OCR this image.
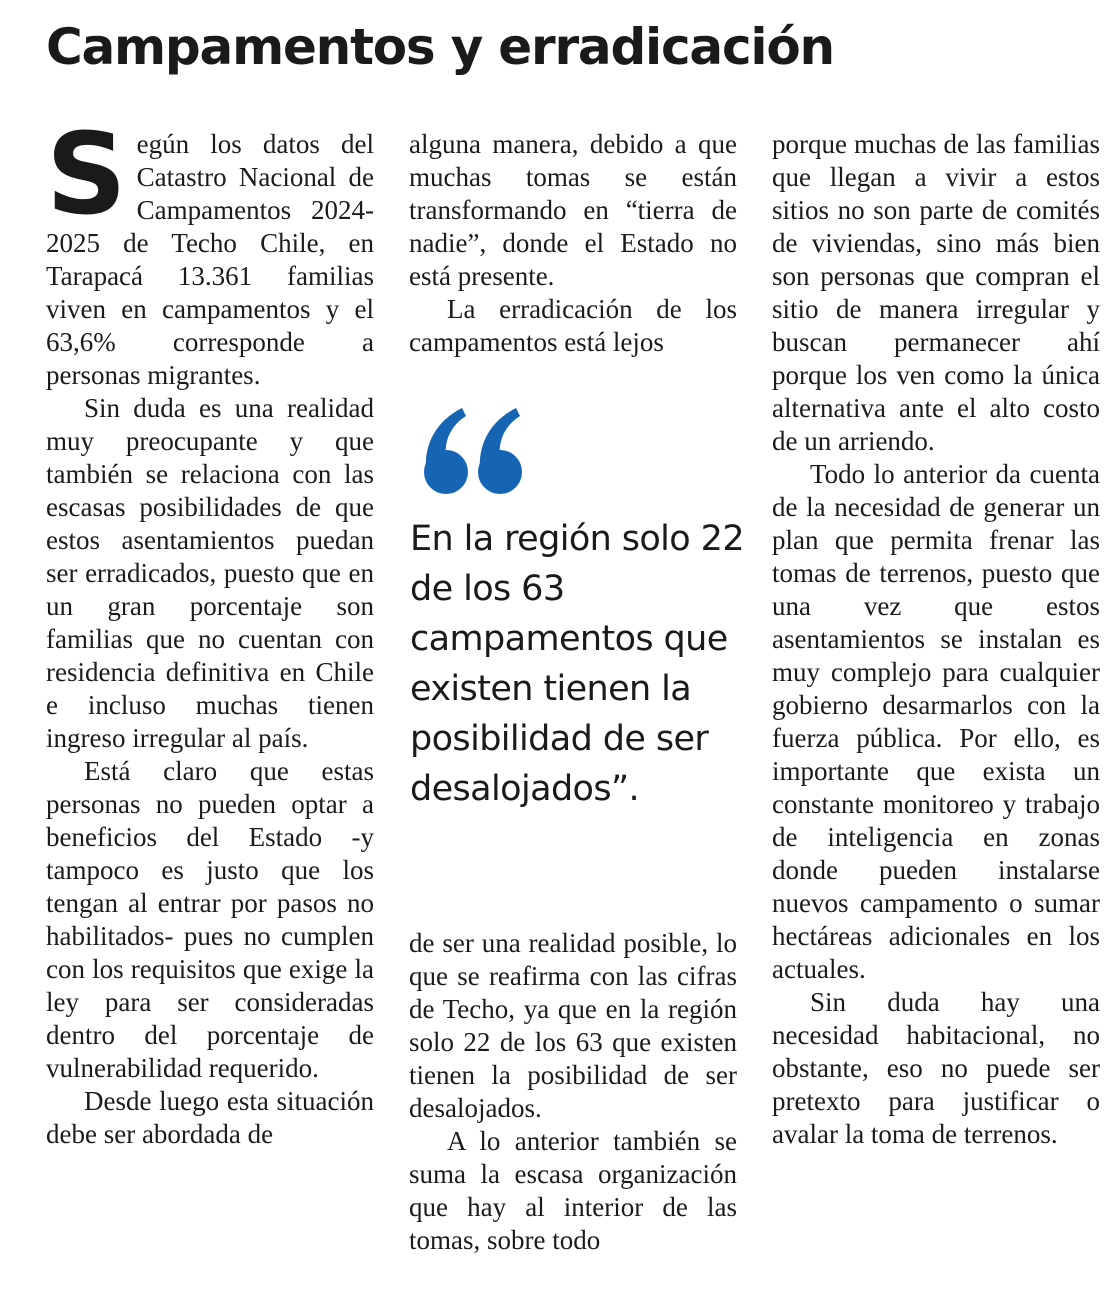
Campamentos y erradicación

Según los datos del Catastro Nacional de Campamentos 2024-2025 de Techo Chile, en Tarapacá 13.361 familias viven en campamentos y el 63,6% corresponde a personas migrantes.

Sin duda es una realidad muy preocupante y que también se relaciona con las escasas posibilidades de que estos asentamientos puedan ser erradicados, puesto que en un gran porcentaje son familias que no cuentan con residencia definitiva en Chile e incluso muchas tienen ingreso irregular al país.

Está claro que estas personas no pueden optar a beneficios del Estado -y tampoco es justo que los tengan al entrar por pasos no habilitados- pues no cumplen con los requisitos que exige la ley para ser consideradas dentro del porcentaje de vulnerabilidad requerido.

Desde luego esta situación debe ser abordada de

alguna manera, debido a que muchas tomas se están transformando en “tierra de nadie”, donde el Estado no está presente.

La erradicación de los campamentos está lejos

En la región solo 22 de los 63 campamentos que existen tienen la posibilidad de ser desalojados”.

de ser una realidad posible, lo que se reafirma con las cifras de Techo, ya que en la región solo 22 de los 63 que existen tienen la posibilidad de ser desalojados.

A lo anterior también se suma la escasa organización que hay al interior de las tomas, sobre todo

porque muchas de las familias que llegan a vivir a estos sitios no son parte de comités de viviendas, sino más bien son personas que compran el sitio de manera irregular y buscan permanecer ahí porque los ven como la única alternativa ante el alto costo de un arriendo.

Todo lo anterior da cuenta de la necesidad de generar un plan que permita frenar las tomas de terrenos, puesto que una vez que estos asentamientos se instalan es muy complejo para cualquier gobierno desarmarlos con la fuerza pública. Por ello, es importante que exista un constante monitoreo y trabajo de inteligencia en zonas donde pueden instalarse nuevos campamento o sumar hectáreas adicionales en los actuales.

Sin duda hay una necesidad habitacional, no obstante, eso no puede ser pretexto para justificar o avalar la toma de terrenos.
